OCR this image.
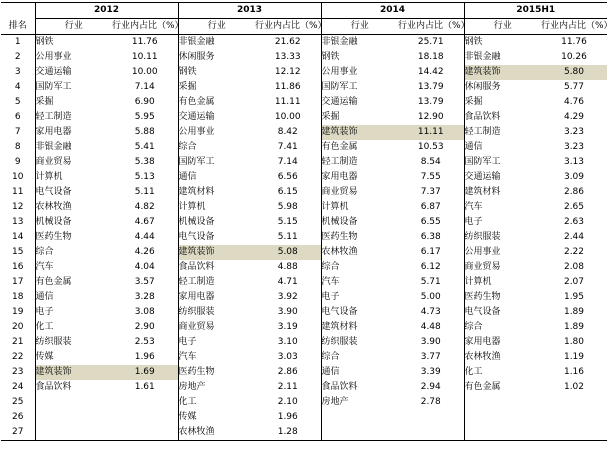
	2012		2013		2014		2015H1	
排名	行业	行业内占比（%）	行业	行业内占比（%）	行业	行业内占比（%）	行业	行业内占比（%）
1	钢铁	11.76	非银金融	21.62	非银金融	25.71	钢铁	11.76
2	公用事业	10.11	休闲服务	13.33	钢铁	18.18	非银金融	10.26
3	交通运输	10.00	钢铁	12.12	公用事业	14.42	建筑装饰	5.80
4	国防军工	7.14	采掘	11.86	国防军工	13.79	休闲服务	5.77
5	采掘	6.90	有色金属	11.11	交通运输	13.79	采掘	4.76
6	轻工制造	5.95	交通运输	10.00	采掘	12.90	食品饮料	4.29
7	家用电器	5.88	公用事业	8.42	建筑装饰	11.11	轻工制造	3.23
8	非银金融	5.41	综合	7.41	有色金属	10.53	通信	3.23
9	商业贸易	5.38	国防军工	7.14	轻工制造	8.54	国防军工	3.13
10	计算机	5.13	通信	6.56	家用电器	7.55	交通运输	3.09
11	电气设备	5.11	建筑材料	6.15	商业贸易	7.37	建筑材料	2.86
12	农林牧渔	4.82	计算机	5.98	计算机	6.87	汽车	2.65
13	机械设备	4.67	机械设备	5.15	机械设备	6.55	电子	2.63
14	医药生物	4.44	电气设备	5.11	医药生物	6.38	纺织服装	2.44
15	综合	4.26	建筑装饰	5.08	农林牧渔	6.17	公用事业	2.22
16	汽车	4.04	食品饮料	4.88	综合	6.12	商业贸易	2.08
17	有色金属	3.57	轻工制造	4.71	汽车	5.71	计算机	2.07
18	通信	3.28	家用电器	3.92	电子	5.00	医药生物	1.95
19	电子	3.08	纺织服装	3.90	电气设备	4.73	电气设备	1.89
20	化工	2.90	商业贸易	3.19	建筑材料	4.48	综合	1.89
21	纺织服装	2.53	电子	3.10	纺织服装	3.90	家用电器	1.80
22	传媒	1.96	汽车	3.03	综合	3.77	农林牧渔	1.19
23	建筑装饰	1.69	医药生物	2.86	通信	3.39	化工	1.16
24	食品饮料	1.61	房地产	2.11	食品饮料	2.94	有色金属	1.02
25			化工	2.10	房地产	2.78		
26			传媒	1.96				
27			农林牧渔	1.28				
